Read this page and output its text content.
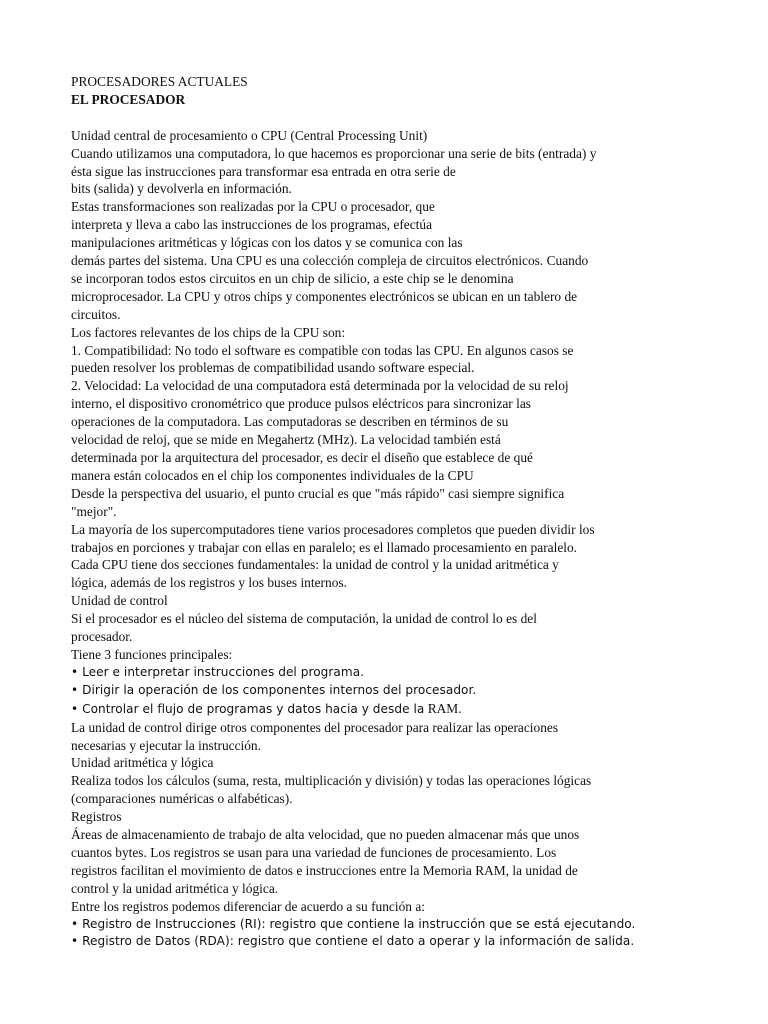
PROCESADORES ACTUALES
EL PROCESADOR
Unidad central de procesamiento o CPU (Central Processing Unit)
Cuando utilizamos una computadora, lo que hacemos es proporcionar una serie de bits (entrada) y
ésta sigue las instrucciones para transformar esa entrada en otra serie de
bits (salida) y devolverla en información.
Estas transformaciones son realizadas por la CPU o procesador, que
interpreta y lleva a cabo las instrucciones de los programas, efectúa
manipulaciones aritméticas y lógicas con los datos y se comunica con las
demás partes del sistema. Una CPU es una colección compleja de circuitos electrónicos. Cuando
se incorporan todos estos circuitos en un chip de silicio, a este chip se le denomina
microprocesador. La CPU y otros chips y componentes electrónicos se ubican en un tablero de
circuitos.
Los factores relevantes de los chips de la CPU son:
1. Compatibilidad: No todo el software es compatible con todas las CPU. En algunos casos se
pueden resolver los problemas de compatibilidad usando software especial.
2. Velocidad: La velocidad de una computadora está determinada por la velocidad de su reloj
interno, el dispositivo cronométrico que produce pulsos eléctricos para sincronizar las
operaciones de la computadora. Las computadoras se describen en términos de su
velocidad de reloj, que se mide en Megahertz (MHz). La velocidad también está
determinada por la arquitectura del procesador, es decir el diseño que establece de qué
manera están colocados en el chip los componentes individuales de la CPU
Desde la perspectiva del usuario, el punto crucial es que "más rápido" casi siempre significa
"mejor".
La mayoría de los supercomputadores tiene varios procesadores completos que pueden dividir los
trabajos en porciones y trabajar con ellas en paralelo; es el llamado procesamiento en paralelo.
Cada CPU tiene dos secciones fundamentales: la unidad de control y la unidad aritmética y
lógica, además de los registros y los buses internos.
Unidad de control
Si el procesador es el núcleo del sistema de computación, la unidad de control lo es del
procesador.
Tiene 3 funciones principales:
• Leer e interpretar instrucciones del programa.
• Dirigir la operación de los componentes internos del procesador.
• Controlar el flujo de programas y datos hacia y desde la RAM.
La unidad de control dirige otros componentes del procesador para realizar las operaciones
necesarias y ejecutar la instrucción.
Unidad aritmética y lógica
Realiza todos los cálculos (suma, resta, multiplicación y división) y todas las operaciones lógicas
(comparaciones numéricas o alfabéticas).
Registros
Áreas de almacenamiento de trabajo de alta velocidad, que no pueden almacenar más que unos
cuantos bytes. Los registros se usan para una variedad de funciones de procesamiento. Los
registros facilitan el movimiento de datos e instrucciones entre la Memoria RAM, la unidad de
control y la unidad aritmética y lógica.
Entre los registros podemos diferenciar de acuerdo a su función a:
• Registro de Instrucciones (RI): registro que contiene la instrucción que se está ejecutando.
• Registro de Datos (RDA): registro que contiene el dato a operar y la información de salida.
